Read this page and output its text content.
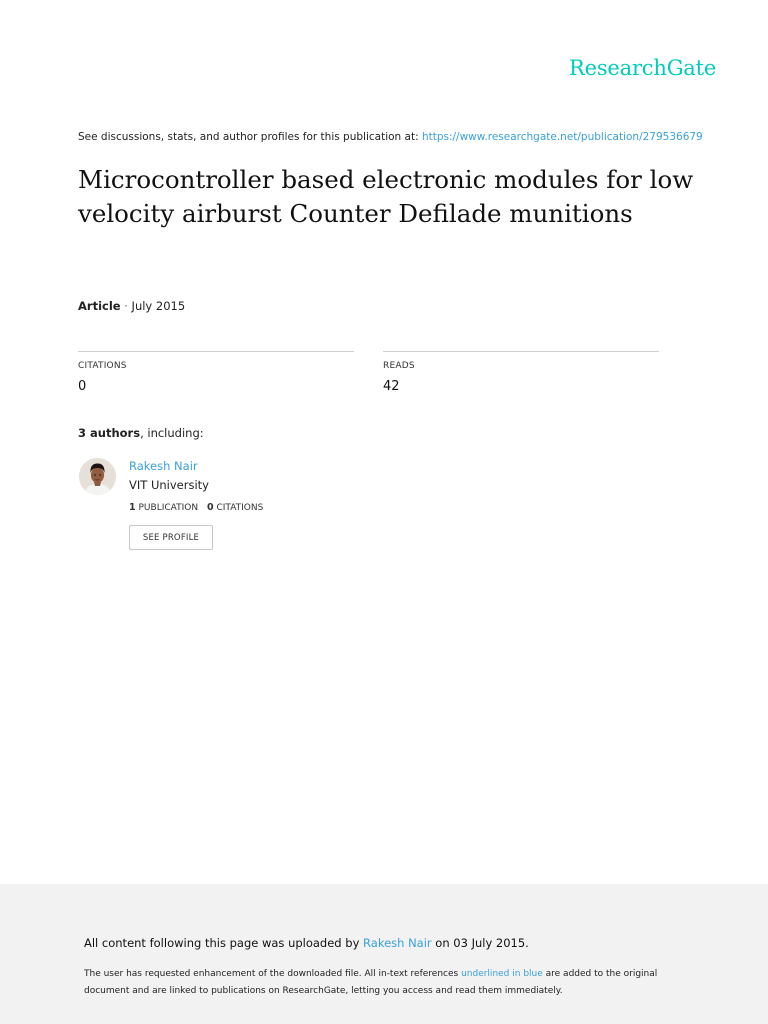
ResearchGate
See discussions, stats, and author profiles for this publication at: https://www.researchgate.net/publication/279536679
Microcontroller based electronic modules for low velocity airburst Counter Defilade munitions
Article · July 2015
CITATIONS
0
READS
42
3 authors, including:
Rakesh Nair
VIT University
1 PUBLICATION 0 CITATIONS
SEE PROFILE
All content following this page was uploaded by Rakesh Nair on 03 July 2015.
The user has requested enhancement of the downloaded file. All in-text references underlined in blue are added to the original document and are linked to publications on ResearchGate, letting you access and read them immediately.
